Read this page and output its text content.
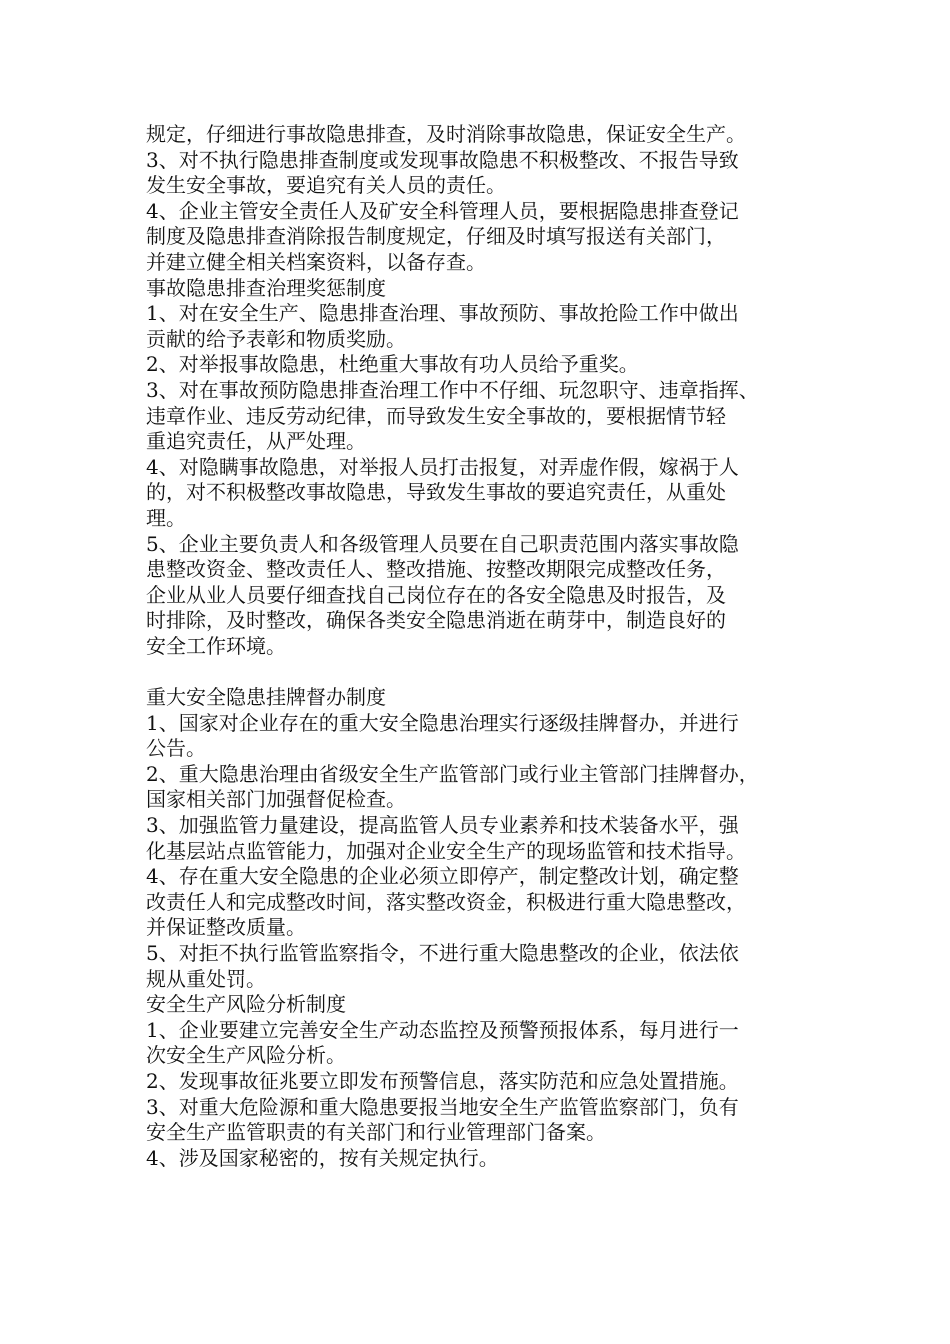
规定，仔细进行事故隐患排查，及时消除事故隐患，保证安全生产。
3、对不执行隐患排查制度或发现事故隐患不积极整改、不报告导致
发生安全事故，要追究有关人员的责任。
4、企业主管安全责任人及矿安全科管理人员，要根据隐患排查登记
制度及隐患排查消除报告制度规定，仔细及时填写报送有关部门，
并建立健全相关档案资料，以备存查。
事故隐患排查治理奖惩制度
1、对在安全生产、隐患排查治理、事故预防、事故抢险工作中做出
贡献的给予表彰和物质奖励。
2、对举报事故隐患，杜绝重大事故有功人员给予重奖。
3、对在事故预防隐患排查治理工作中不仔细、玩忽职守、违章指挥、
违章作业、违反劳动纪律，而导致发生安全事故的，要根据情节轻
重追究责任，从严处理。
4、对隐瞒事故隐患，对举报人员打击报复，对弄虚作假，嫁祸于人
的，对不积极整改事故隐患，导致发生事故的要追究责任，从重处
理。
5、企业主要负责人和各级管理人员要在自己职责范围内落实事故隐
患整改资金、整改责任人、整改措施、按整改期限完成整改任务，
企业从业人员要仔细查找自己岗位存在的各安全隐患及时报告，及
时排除，及时整改，确保各类安全隐患消逝在萌芽中，制造良好的
安全工作环境。
重大安全隐患挂牌督办制度
1、国家对企业存在的重大安全隐患治理实行逐级挂牌督办，并进行
公告。
2、重大隐患治理由省级安全生产监管部门或行业主管部门挂牌督办，
国家相关部门加强督促检查。
3、加强监管力量建设，提高监管人员专业素养和技术装备水平，强
化基层站点监管能力，加强对企业安全生产的现场监管和技术指导。
4、存在重大安全隐患的企业必须立即停产，制定整改计划，确定整
改责任人和完成整改时间，落实整改资金，积极进行重大隐患整改，
并保证整改质量。
5、对拒不执行监管监察指令，不进行重大隐患整改的企业，依法依
规从重处罚。
安全生产风险分析制度
1、企业要建立完善安全生产动态监控及预警预报体系，每月进行一
次安全生产风险分析。
2、发现事故征兆要立即发布预警信息，落实防范和应急处置措施。
3、对重大危险源和重大隐患要报当地安全生产监管监察部门，负有
安全生产监管职责的有关部门和行业管理部门备案。
4、涉及国家秘密的，按有关规定执行。
